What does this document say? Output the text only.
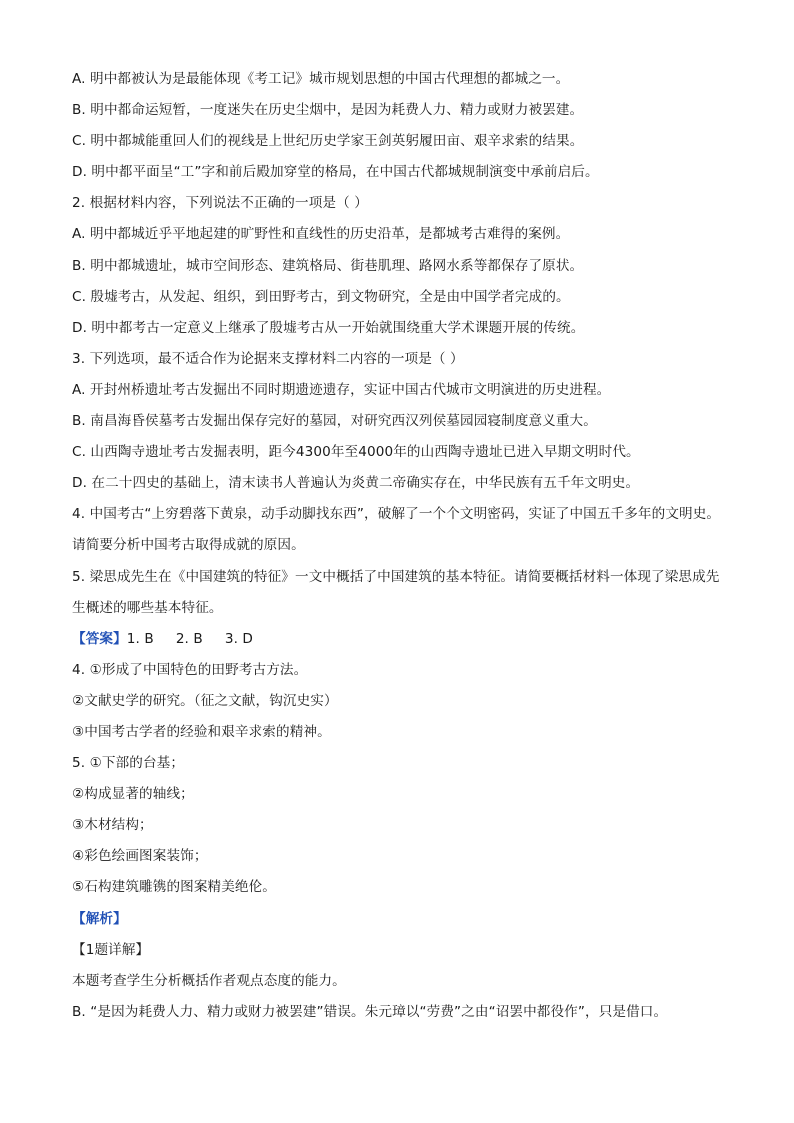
A. 明中都被认为是最能体现《考工记》城市规划思想的中国古代理想的都城之一。
B. 明中都命运短暂，一度迷失在历史尘烟中，是因为耗费人力、精力或财力被罢建。
C. 明中都城能重回人们的视线是上世纪历史学家王剑英躬履田亩、艰辛求索的结果。
D. 明中都平面呈“工”字和前后殿加穿堂的格局，在中国古代都城规制演变中承前启后。
2. 根据材料内容，下列说法不正确的一项是（ ）
A. 明中都城近乎平地起建的旷野性和直线性的历史沿革，是都城考古难得的案例。
B. 明中都城遗址，城市空间形态、建筑格局、街巷肌理、路网水系等都保存了原状。
C. 殷墟考古，从发起、组织，到田野考古，到文物研究，全是由中国学者完成的。
D. 明中都考古一定意义上继承了殷墟考古从一开始就围绕重大学术课题开展的传统。
3. 下列选项，最不适合作为论据来支撑材料二内容的一项是（ ）
A. 开封州桥遗址考古发掘出不同时期遗迹遗存，实证中国古代城市文明演进的历史进程。
B. 南昌海昏侯墓考古发掘出保存完好的墓园，对研究西汉列侯墓园园寝制度意义重大。
C. 山西陶寺遗址考古发掘表明，距今4300年至4000年的山西陶寺遗址已进入早期文明时代。
D. 在二十四史的基础上，清末读书人普遍认为炎黄二帝确实存在，中华民族有五千年文明史。
4. 中国考古“上穷碧落下黄泉，动手动脚找东西”，破解了一个个文明密码，实证了中国五千多年的文明史。请简要分析中国考古取得成就的原因。
5. 梁思成先生在《中国建筑的特征》一文中概括了中国建筑的基本特征。请简要概括材料一体现了梁思成先生概述的哪些基本特征。
【答案】1. B 2. B 3. D
4. ①形成了中国特色的田野考古方法。
②文献史学的研究。（征之文献，钩沉史实）
③中国考古学者的经验和艰辛求索的精神。
5. ①下部的台基；
②构成显著的轴线；
③木材结构；
④彩色绘画图案装饰；
⑤石构建筑雕镌的图案精美绝伦。
【解析】
【1题详解】
本题考查学生分析概括作者观点态度的能力。
B. “是因为耗费人力、精力或财力被罢建”错误。朱元璋以“劳费”之由“诏罢中都役作”，只是借口。
